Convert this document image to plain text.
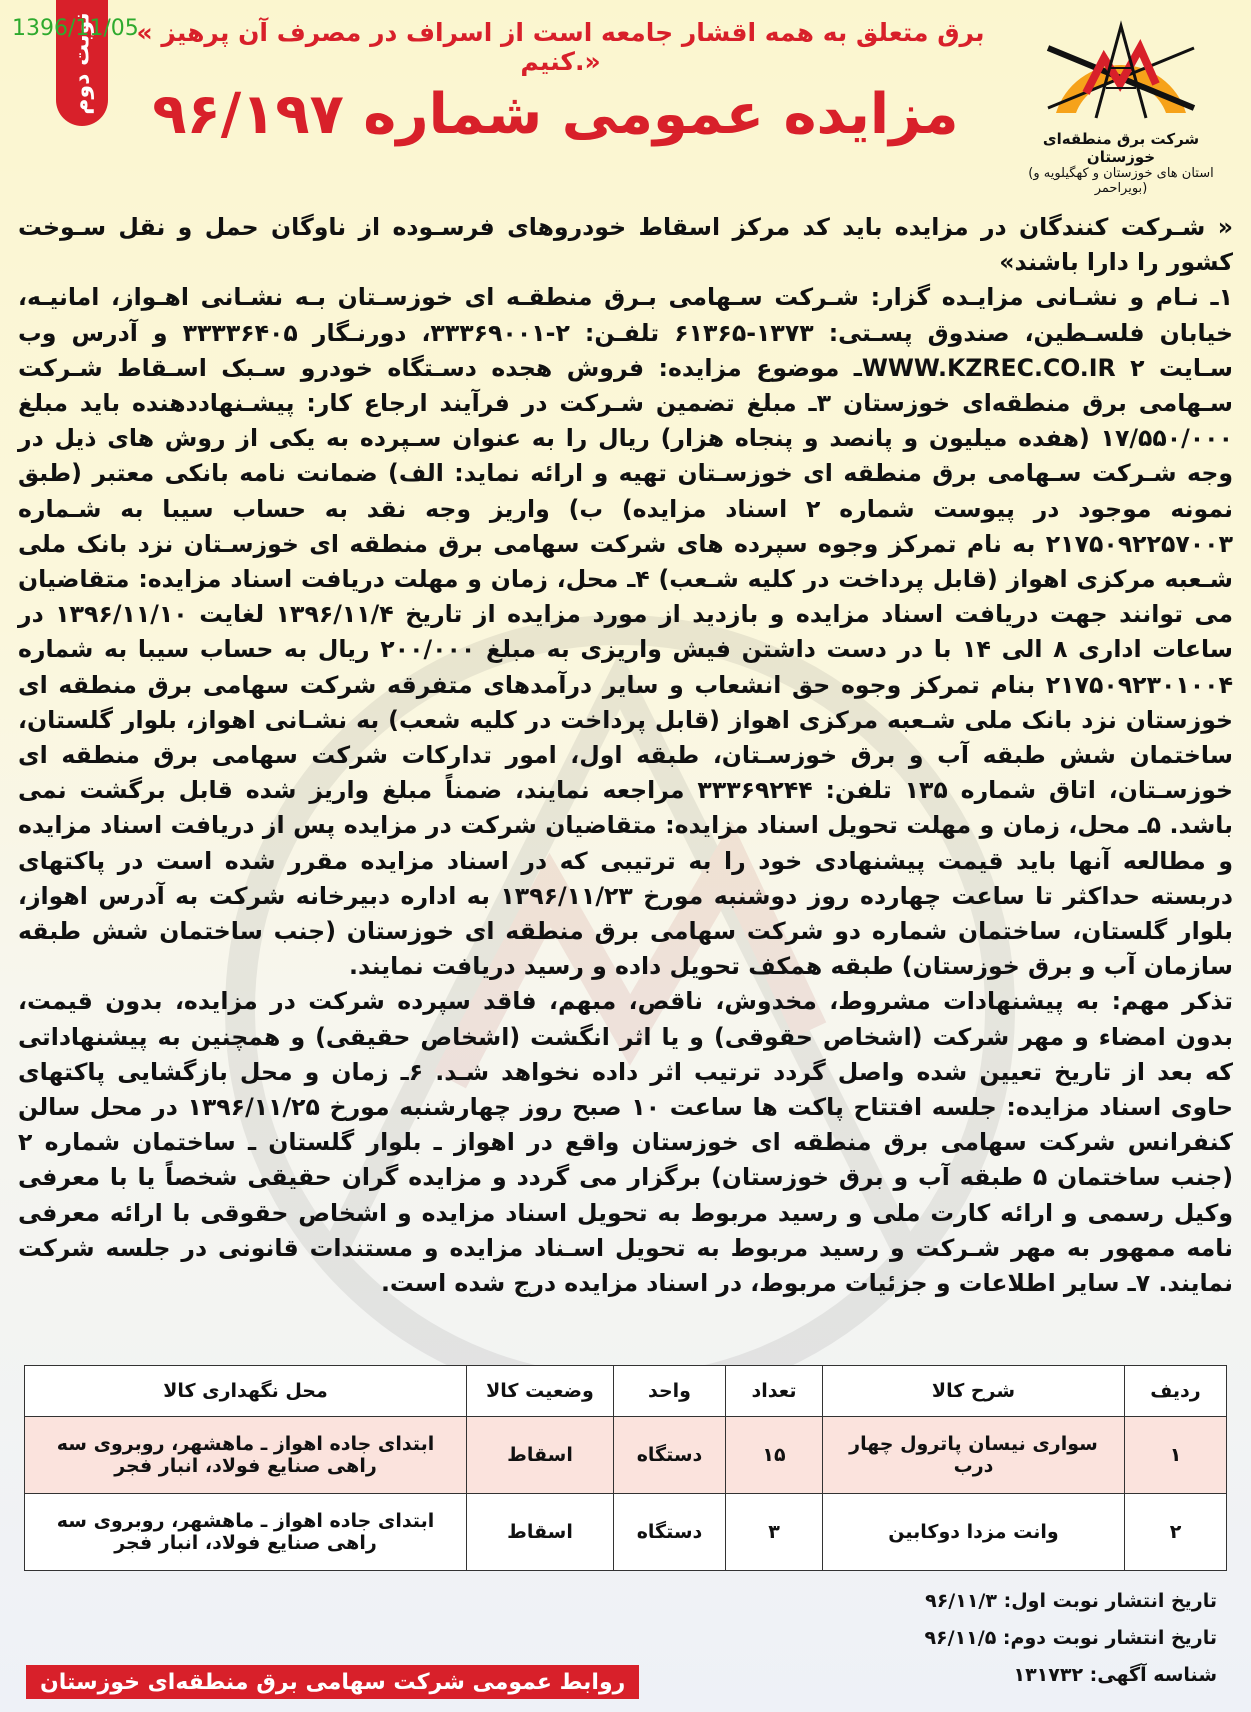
1396/11/05
نوبت دوم	« برق متعلق به همه اقشار جامعه است از اسراف در مصرف آن پرهیز کنیم.»
مزایده عمومی شماره ۹۶/۱۹۷	شرکت برق منطقه‌ای خوزستان
(استان های خوزستان و کهگیلویه و بویراحمر)

« شـرکت کنندگان در مزایده باید کد مرکز اسقاط خودروهای فرسـوده از ناوگان حمل و نقل سـوخت کشور را دارا باشند»

۱ـ نـام و نشـانی مزایـده گزار: شـرکت سـهامی بـرق منطقـه ای خوزسـتان بـه نشـانی اهـواز، امانیـه، خیابان فلسـطین، صندوق پسـتی: ۱۳۷۳-۶۱۳۶۵ تلفـن: ۲-۳۳۳۶۹۰۰۱، دورنـگار ۳۳۳۳۶۴۰۵ و آدرس وب سـایت WWW.KZREC.CO.IR ۲ـ موضوع مزایده: فروش هجده دسـتگاه خودرو سـبک اسـقاط شـرکت سـهامی برق منطقه‌ای خوزستان ۳ـ مبلغ تضمین شـرکت در فرآیند ارجاع کار: پیشـنهاددهنده باید مبلغ ۱۷/۵۵۰/۰۰۰ (هفده میلیون و پانصد و پنجاه هزار) ریال را به عنوان سـپرده به یکی از روش های ذیل در وجه شـرکت سـهامی برق منطقه ای خوزسـتان تهیه و ارائه نماید: الف) ضمانت نامه بانکی معتبر (طبق نمونه موجود در پیوست شماره ۲ اسناد مزایده) ب) واریز وجه نقد به حساب سیبا به شـماره ۲۱۷۵۰۹۲۲۵۷۰۰۳ به نام تمرکز وجوه سپرده های شرکت سهامی برق منطقه ای خوزسـتان نزد بانک ملی شـعبه مرکزی اهواز (قابل پرداخت در کلیه شـعب) ۴ـ محل، زمان و مهلت دریافت اسناد مزایده: متقاضیان می توانند جهت دریافت اسناد مزایده و بازدید از مورد مزایده از تاریخ ۱۳۹۶/۱۱/۴ لغایت ۱۳۹۶/۱۱/۱۰ در ساعات اداری ۸ الی ۱۴ با در دست داشتن فیش واریزی به مبلغ ۲۰۰/۰۰۰ ریال به حساب سیبا به شماره ۲۱۷۵۰۹۲۳۰۱۰۰۴ بنام تمرکز وجوه حق انشعاب و سایر درآمدهای متفرقه شرکت سهامی برق منطقه ای خوزستان نزد بانک ملی شـعبه مرکزی اهواز (قابل پرداخت در کلیه شعب) به نشـانی اهواز، بلوار گلستان، ساختمان شش طبقه آب و برق خوزسـتان، طبقه اول، امور تدارکات شرکت سهامی برق منطقه ای خوزسـتان، اتاق شماره ۱۳۵ تلفن: ۳۳۳۶۹۲۴۴ مراجعه نمایند، ضمناً مبلغ واریز شده قابل برگشت نمی باشد. ۵ـ محل، زمان و مهلت تحویل اسناد مزایده: متقاضیان شرکت در مزایده پس از دریافت اسناد مزایده و مطالعه آنها باید قیمت پیشنهادی خود را به ترتیبی که در اسناد مزایده مقرر شده است در پاکتهای دربسته حداکثر تا ساعت چهارده روز دوشنبه مورخ ۱۳۹۶/۱۱/۲۳ به اداره دبیرخانه شرکت به آدرس اهواز، بلوار گلستان، ساختمان شماره دو شرکت سهامی برق منطقه ای خوزستان (جنب ساختمان شش طبقه سازمان آب و برق خوزستان) طبقه همکف تحویل داده و رسید دریافت نمایند.

تذکر مهم: به پیشنهادات مشروط، مخدوش، ناقص، مبهم، فاقد سپرده شرکت در مزایده، بدون قیمت، بدون امضاء و مهر شرکت (اشخاص حقوقی) و یا اثر انگشت (اشخاص حقیقی) و همچنین به پیشنهاداتی که بعد از تاریخ تعیین شده واصل گردد ترتیب اثر داده نخواهد شـد. ۶ـ زمان و محل بازگشایی پاکتهای حاوی اسناد مزایده: جلسه افتتاح پاکت ها ساعت ۱۰ صبح روز چهارشنبه مورخ ۱۳۹۶/۱۱/۲۵ در محل سالن کنفرانس شرکت سهامی برق منطقه ای خوزستان واقع در اهواز ـ بلوار گلستان ـ ساختمان شماره ۲ (جنب ساختمان ۵ طبقه آب و برق خوزستان) برگزار می گردد و مزایده گران حقیقی شخصاً یا با معرفی وکیل رسمی و ارائه کارت ملی و رسید مربوط به تحویل اسناد مزایده و اشخاص حقوقی با ارائه معرفی نامه ممهور به مهر شـرکت و رسید مربوط به تحویل اسـناد مزایده و مستندات قانونی در جلسه شرکت نمایند. ۷ـ سایر اطلاعات و جزئیات مربوط، در اسناد مزایده درج شده است.

ردیف	شرح کالا	تعداد	واحد	وضعیت کالا	محل نگهداری کالا
۱	سواری نیسان پاترول چهار درب	۱۵	دستگاه	اسقاط	ابتدای جاده اهواز ـ ماهشهر، روبروی سه راهی صنایع فولاد، انبار فجر
۲	وانت مزدا دوکابین	۳	دستگاه	اسقاط	ابتدای جاده اهواز ـ ماهشهر، روبروی سه راهی صنایع فولاد، انبار فجر
تاریخ انتشار نوبت اول: ۹۶/۱۱/۳
تاریخ انتشار نوبت دوم: ۹۶/۱۱/۵
شناسه آگهی: ۱۳۱۷۳۲
روابط عمومی شرکت سهامی برق منطقه‌ای خوزستان
